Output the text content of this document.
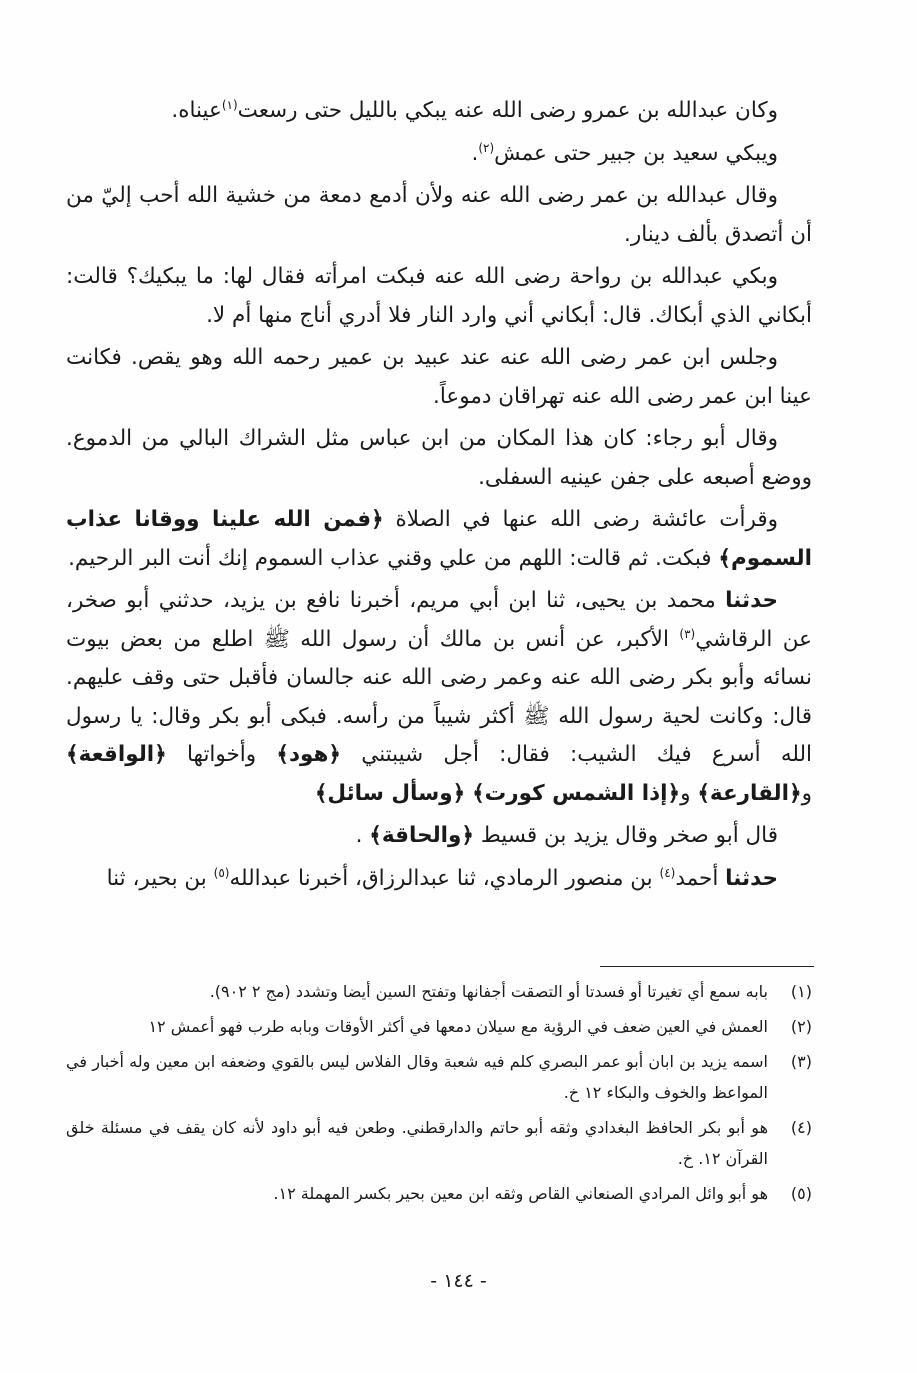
وكان عبدالله بن عمرو رضى الله عنه يبكي بالليل حتى رسعت$^{(١)}$عيناه.

ويبكي سعيد بن جبير حتى عمش$^{(٢)}$.

وقال عبدالله بن عمر رضى الله عنه ولأن أدمع دمعة من خشية الله أحب إليّ من أن أتصدق بألف دينار.

وبكي عبدالله بن رواحة رضى الله عنه فبكت امرأته فقال لها: ما يبكيك؟ قالت: أبكاني الذي أبكاك. قال: أبكاني أني وارد النار فلا أدري أناج منها أم لا.

وجلس ابن عمر رضى الله عنه عند عبيد بن عمير رحمه الله وهو يقص. فكانت عينا ابن عمر رضى الله عنه تهراقان دموعاً.

وقال أبو رجاء: كان هذا المكان من ابن عباس مثل الشراك البالي من الدموع. ووضع أصبعه على جفن عينيه السفلى.

وقرأت عائشة رضى الله عنها في الصلاة ﴿فمن الله علينا ووقانا عذاب السموم﴾ فبكت. ثم قالت: اللهم من علي وقني عذاب السموم إنك أنت البر الرحيم.

حدثنا محمد بن يحيى، ثنا ابن أبي مريم، أخبرنا نافع بن يزيد، حدثني أبو صخر، عن الرقاشي$^{(٣)}$ الأكبر، عن أنس بن مالك أن رسول الله ﷺ اطلع من بعض بيوت نسائه وأبو بكر رضى الله عنه وعمر رضى الله عنه جالسان فأقبل حتى وقف عليهم. قال: وكانت لحية رسول الله ﷺ أكثر شيباً من رأسه. فبكى أبو بكر وقال: يا رسول الله أسرع فيك الشيب: فقال: أجل شيبتني ﴿هود﴾ وأخواتها ﴿الواقعة﴾ و﴿القارعة﴾ و﴿إذا الشمس كورت﴾ ﴿وسأل سائل﴾

قال أبو صخر وقال يزيد بن قسيط ﴿والحاقة﴾ .

حدثنا أحمد$^{(٤)}$ بن منصور الرمادي، ثنا عبدالرزاق، أخبرنا عبدالله$^{(٥)}$ بن بحير، ثنا

(١)
بابه سمع أي تغيرتا أو فسدتا أو التصقت أجفانها وتفتح السين أيضا وتشدد (مج ٢ ٩٠٢).
(٢)
العمش في العين ضعف في الرؤية مع سيلان دمعها في أكثر الأوقات وبابه طرب فهو أعمش ١٢
(٣)
اسمه يزيد بن ابان أبو عمر البصري كلم فيه شعبة وقال الفلاس ليس بالقوي وضعفه ابن معين وله أخبار في المواعظ والخوف والبكاء ١٢ خ.
(٤)
هو أبو بكر الحافظ البغدادي وثقه أبو حاتم والدارقطني. وطعن فيه أبو داود لأنه كان يقف في مسئلة خلق القرآن ١٢. خ.
(٥)
هو أبو وائل المرادي الصنعاني القاص وثقه ابن معين بحير بكسر المهملة ١٢.
- ١٤٤ -
